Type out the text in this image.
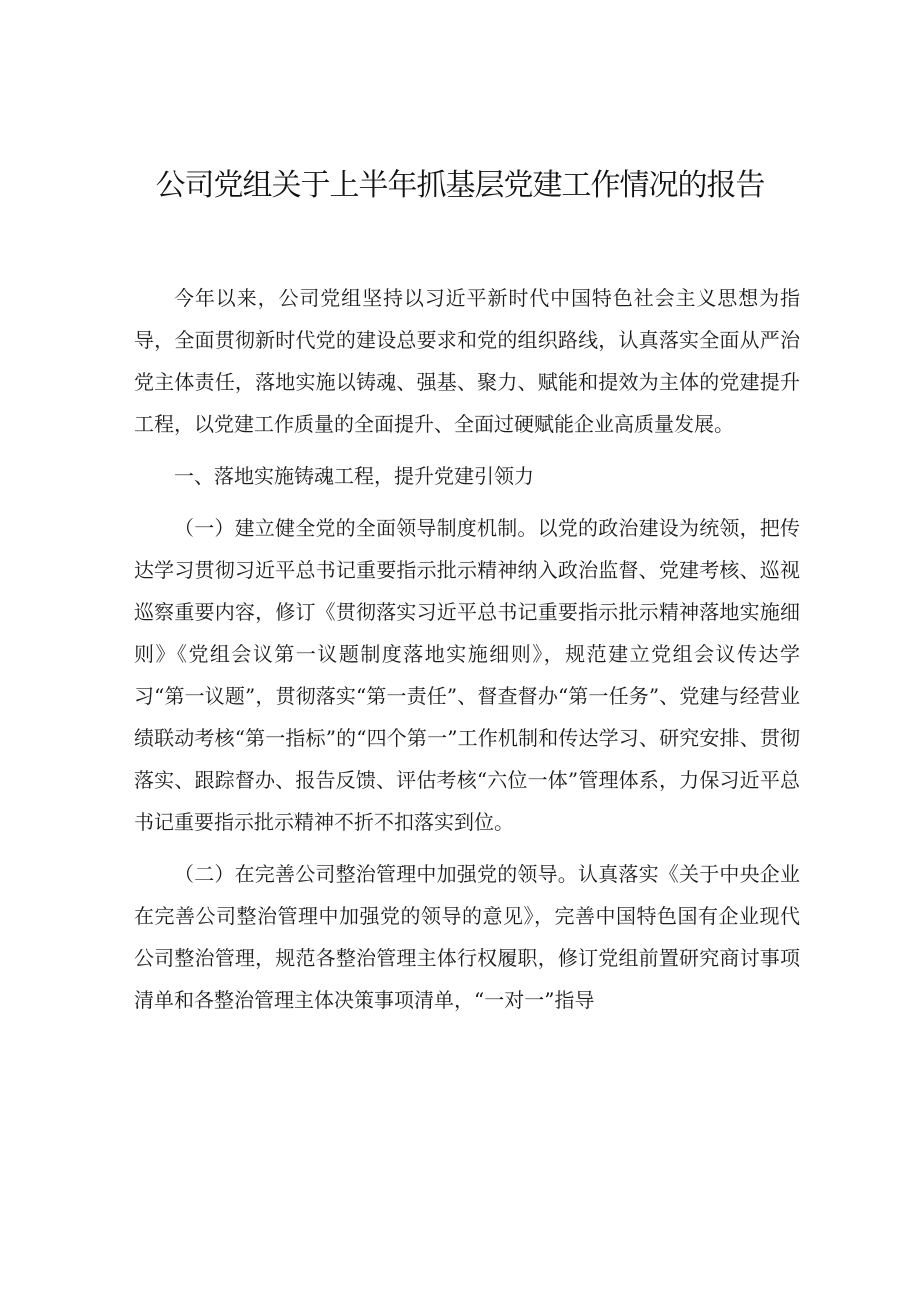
公司党组关于上半年抓基层党建工作情况的报告

今年以来，公司党组坚持以习近平新时代中国特色社会主义思想为指导，全面贯彻新时代党的建设总要求和党的组织路线，认真落实全面从严治党主体责任，落地实施以铸魂、强基、聚力、赋能和提效为主体的党建提升工程，以党建工作质量的全面提升、全面过硬赋能企业高质量发展。

一、落地实施铸魂工程，提升党建引领力

（一）建立健全党的全面领导制度机制。以党的政治建设为统领，把传达学习贯彻习近平总书记重要指示批示精神纳入政治监督、党建考核、巡视巡察重要内容，修订《贯彻落实习近平总书记重要指示批示精神落地实施细则》《党组会议第一议题制度落地实施细则》，规范建立党组会议传达学习“第一议题”，贯彻落实“第一责任”、督查督办“第一任务”、党建与经营业绩联动考核“第一指标”的“四个第一”工作机制和传达学习、研究安排、贯彻落实、跟踪督办、报告反馈、评估考核“六位一体”管理体系，力保习近平总书记重要指示批示精神不折不扣落实到位。

（二）在完善公司整治管理中加强党的领导。认真落实《关于中央企业在完善公司整治管理中加强党的领导的意见》，完善中国特色国有企业现代公司整治管理，规范各整治管理主体行权履职，修订党组前置研究商讨事项清单和各整治管理主体决策事项清单，“一对一”指导
